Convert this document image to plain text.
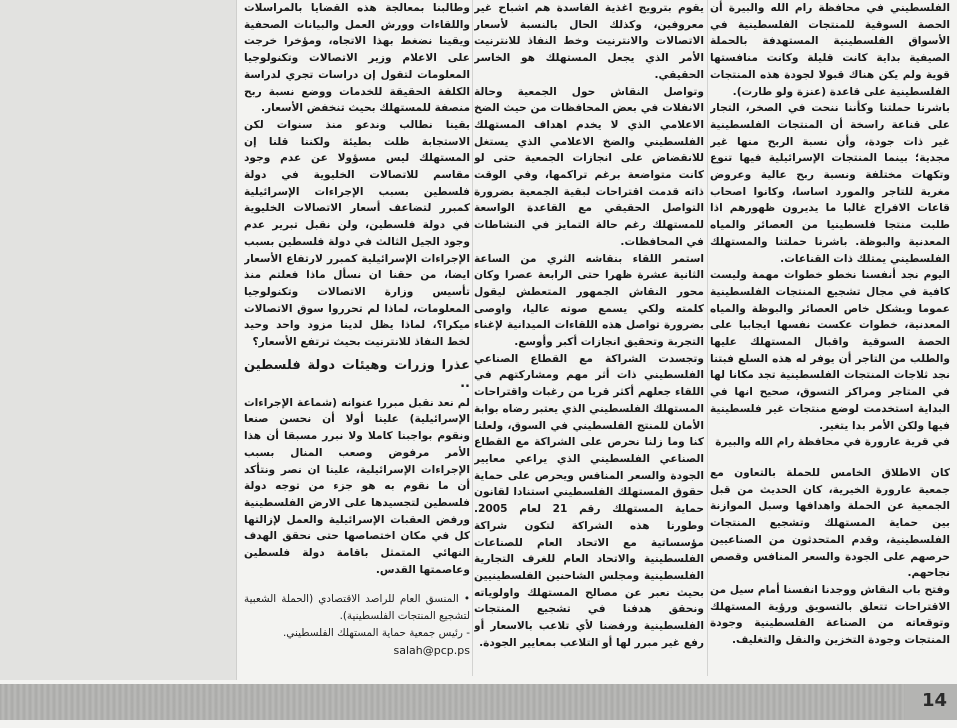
الفلسطيني في محافظة رام الله والبيرة أن الحصة السوقية للمنتجات الفلسطينية في الأسواق الفلسطينية المستهدفة بالحملة الصيفية بداية كانت قليلة وكانت منافستها قوية ولم يكن هناك قبولا لجودة هذه المنتجات الفلسطينية على قاعدة (عنزة ولو طارت).

باشرنا حملتنا وكأننا ننحت في الصخر، التجار على قناعة راسخة أن المنتجات الفلسطينية غير ذات جودة، وأن نسبة الربح منها غير مجدية؛ بينما المنتجات الإسرائيلية فيها تنوع وتكهات مختلفة ونسبة ربح عالية وعروض مغرية للتاجر والمورد اساسا، وكانوا اصحاب قاعات الافراح غالبا ما يديرون ظهورهم اذا طلبت منتجا فلسطينيا من العصائر والمياه المعدنية والبوظة. باشرنا حملتنا والمستهلك الفلسطيني يمتلك ذات القناعات.

اليوم نجد أنفسنا نخطو خطوات مهمة وليست كافية في مجال تشجيع المنتجات الفلسطينية عموما وبشكل خاص العصائر والبوظة والمياه المعدنية، خطوات عكست نفسها ايجابيا على الحصة السوقية واقبال المستهلك عليها والطلب من التاجر أن يوفر له هذه السلع فبتنا نجد ثلاجات المنتجات الفلسطينية تجد مكانا لها في المتاجر ومراكز التسوق، صحيح انها في البداية استخدمت لوضع منتجات غير فلسطينية فيها ولكن الأمر بدا يتغير.

في قرية عارورة في محافظة رام الله والبيرة

كان الاطلاق الخامس للحملة بالتعاون مع جمعية عارورة الخيرية، كان الحديث من قبل الجمعية عن الحملة واهدافها وسبل الموازنة بين حماية المستهلك وتشجيع المنتجات الفلسطينية، وقدم المتحدثون من الصناعيين حرصهم على الجودة والسعر المنافس وقصص نجاحهم.

وفتح باب النقاش ووجدنا انفسنا أمام سيل من الاقتراحات تتعلق بالتسويق ورؤية المستهلك وتوقعاته من الصناعة الفلسطينية وجودة المنتجات وجودة التخزين والنقل والتغليف.

يقوم بترويج اغذية الفاسدة هم اشباح غير معروفين، وكذلك الحال بالنسبة لأسعار الاتصالات والانترنيت وخط النفاذ للانترنيت الأمر الذي يجعل المستهلك هو الخاسر الحقيقي.

وتواصل النقاش حول الجمعية وحالة الانفلات في بعض المحافظات من حيث الضخ الاعلامي الذي لا يخدم اهداف المستهلك الفلسطيني والضخ الاعلامي الذي يستغل للانقضاض على انجازات الجمعية حتى لو كانت متواضعة برغم تراكمها، وفي الوقت ذاته قدمت اقتراحات لبقية الجمعية بضرورة التواصل الحقيقي مع القاعدة الواسعة للمستهلك رغم حالة التمايز في النشاطات في المحافظات.

استمر اللقاء بنقاشه الثري من الساعة الثانية عشرة ظهرا حتى الرابعة عصرا وكان محور النقاش الجمهور المتعطش ليقول كلمته ولكي يسمع صوته عاليا، واوصى بضرورة تواصل هذه اللقاءات الميدانية لإغناء التجربة وتحقيق انجازات أكبر وأوسع.

وتجسدت الشراكة مع القطاع الصناعي الفلسطيني ذات أثر مهم ومشاركتهم في اللقاء جعلهم أكثر قربا من رغبات واقتراحات المستهلك الفلسطيني الذي يعتبر رضاه بوابة الأمان للمنتج الفلسطيني في السوق، ولعلنا كنا وما زلنا نحرص على الشراكة مع القطاع الصناعي الفلسطيني الذي يراعي معايير الجودة والسعر المنافس ويحرص على حماية حقوق المستهلك الفلسطيني استنادا لقانون حماية المستهلك رقم 21 لعام 2005. وطورنا هذه الشراكة لتكون شراكة مؤسساتية مع الاتحاد العام للصناعات الفلسطينية والاتحاد العام للغرف التجارية الفلسطينية ومجلس الشاحنين الفلسطينيين بحيث نعبر عن مصالح المستهلك واولوياته ونحقق هدفنا في تشجيع المنتجات الفلسطينية ورفضنا لأي تلاعب بالاسعار أو رفع غير مبرر لها أو التلاعب بمعايير الجودة.

وطالبنا بمعالجة هذه القضايا بالمراسلات واللقاءات وورش العمل والبيانات الصحفية ويقينا نضغط بهذا الاتجاه، ومؤخرا خرجت على الاعلام وزير الاتصالات وتكنولوجيا المعلومات لتقول إن دراسات تجري لدراسة الكلفة الحقيقة للخدمات ووضع نسبة ربح منصفة للمستهلك بحيث تنخفض الأسعار.

بقينا نطالب وندعو منذ سنوات لكن الاستجابة ظلت بطيئة ولكننا قلنا إن المستهلك ليس مسؤولا عن عدم وجود مقاسم للاتصالات الخليوية في دولة فلسطين بسبب الإجراءات الإسرائيلية كمبرر لتضاعف أسعار الاتصالات الخليوية في دولة فلسطين، ولن نقبل تبرير عدم وجود الجيل الثالث في دولة فلسطين بسبب الإجراءات الإسرائيلية كمبرر لارتفاع الأسعار ايضا، من حقنا ان نسأل ماذا فعلتم منذ تأسيس وزارة الاتصالات وتكنولوجيا المعلومات، لماذا لم تحرروا سوق الاتصالات ميكرا؟، لماذا يظل لدينا مزود واحد وحيد لخط النفاذ للانترنيت بحيث ترتفع الأسعار؟

عذرا وزرات وهيئات دولة فلسطين ..

لم نعد نقبل مبررا عنوانه (شماعة الإجراءات الإسرائيلية) علينا أولا أن نحسن صنعا ونقوم بواجبنا كاملا ولا نبرر مسبقا أن هذا الأمر مرفوض وصعب المنال بسبب الإجراءات الإسرائيلية، علينا ان نصر ونتأكد أن ما نقوم به هو جزء من توجه دولة فلسطين لتجسيدها على الارض الفلسطينية ورفض العقبات الإسرائيلية والعمل لإزالتها كل في مكان اختصاصها حتى نحقق الهدف النهائي المتمثل باقامة دولة فلسطين وعاصمتها القدس.

• المنسق العام للراصد الاقتصادي (الحملة الشعبية لتشجيع المنتجات الفلسطينية).

- رئيس جمعية حماية المستهلك الفلسطيني.

salah@pcp.ps

14
